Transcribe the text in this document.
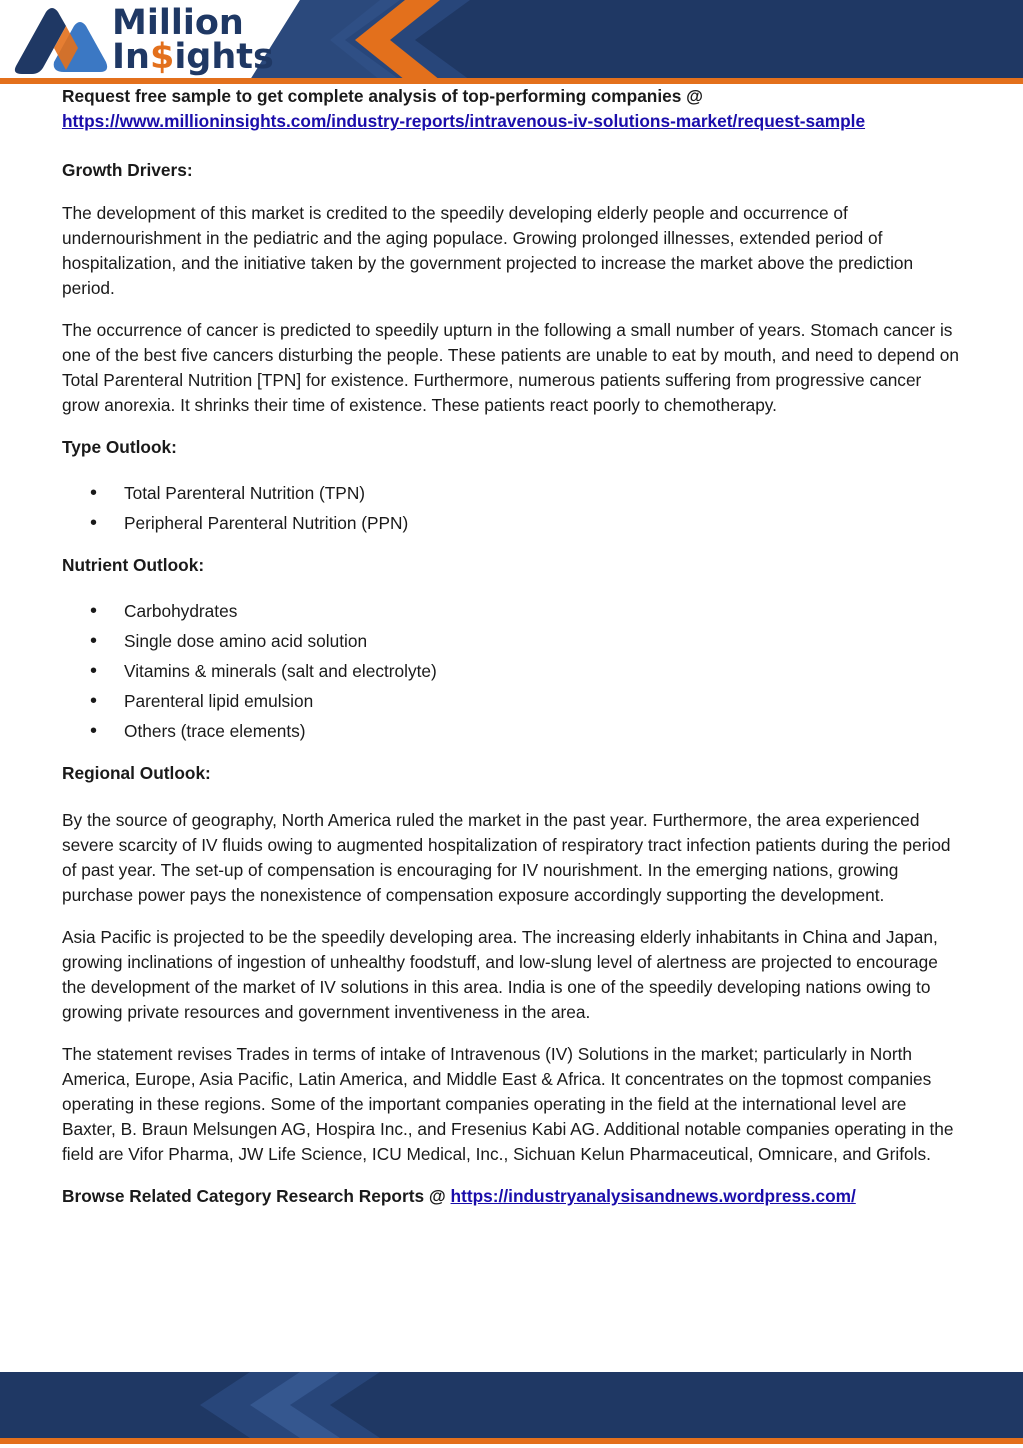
Million
In$ights

Request free sample to get complete analysis of top-performing companies @

https://www.millioninsights.com/industry-reports/intravenous-iv-solutions-market/request-sample

Growth Drivers:

The development of this market is credited to the speedily developing elderly people and occurrence of undernourishment in the pediatric and the aging populace. Growing prolonged illnesses, extended period of hospitalization, and the initiative taken by the government projected to increase the market above the prediction period.

The occurrence of cancer is predicted to speedily upturn in the following a small number of years. Stomach cancer is one of the best five cancers disturbing the people. These patients are unable to eat by mouth, and need to depend on Total Parenteral Nutrition [TPN] for existence. Furthermore, numerous patients suffering from progressive cancer grow anorexia. It shrinks their time of existence. These patients react poorly to chemotherapy.

Type Outlook:

• Total Parenteral Nutrition (TPN)
• Peripheral Parenteral Nutrition (PPN)

Nutrient Outlook:

• Carbohydrates
• Single dose amino acid solution
• Vitamins & minerals (salt and electrolyte)
• Parenteral lipid emulsion
• Others (trace elements)

Regional Outlook:

By the source of geography, North America ruled the market in the past year. Furthermore, the area experienced severe scarcity of IV fluids owing to augmented hospitalization of respiratory tract infection patients during the period of past year. The set-up of compensation is encouraging for IV nourishment. In the emerging nations, growing purchase power pays the nonexistence of compensation exposure accordingly supporting the development.

Asia Pacific is projected to be the speedily developing area. The increasing elderly inhabitants in China and Japan, growing inclinations of ingestion of unhealthy foodstuff, and low-slung level of alertness are projected to encourage the development of the market of IV solutions in this area. India is one of the speedily developing nations owing to growing private resources and government inventiveness in the area.

The statement revises Trades in terms of intake of Intravenous (IV) Solutions in the market; particularly in North America, Europe, Asia Pacific, Latin America, and Middle East & Africa. It concentrates on the topmost companies operating in these regions. Some of the important companies operating in the field at the international level are Baxter, B. Braun Melsungen AG, Hospira Inc., and Fresenius Kabi AG. Additional notable companies operating in the field are Vifor Pharma, JW Life Science, ICU Medical, Inc., Sichuan Kelun Pharmaceutical, Omnicare, and Grifols.

Browse Related Category Research Reports @ https://industryanalysisandnews.wordpress.com/
